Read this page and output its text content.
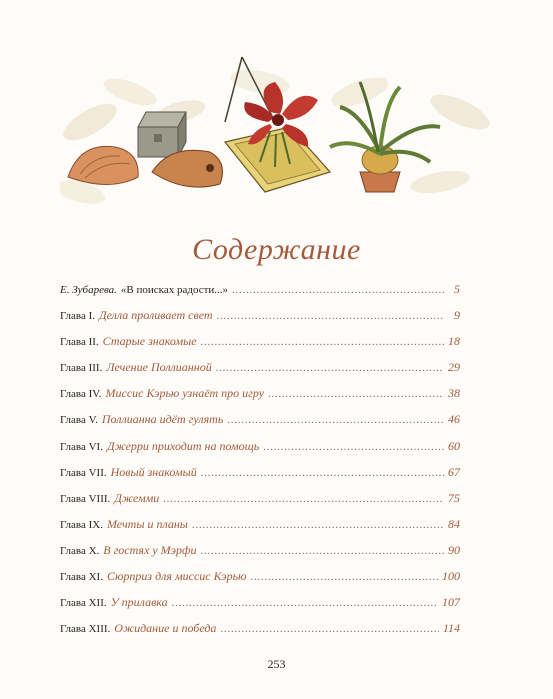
Содержание
Е. Зубарева. «В поисках радости...» .....	5
Глава I. Делла проливает свет .....	9
Глава II. Старые знакомые .....	18
Глава III. Лечение Поллианной .....	29
Глава IV. Миссис Кэрью узнаёт про игру .....	38
Глава V. Поллианна идёт гулять .....	46
Глава VI. Джерри приходит на помощь .....	60
Глава VII. Новый знакомый .....	67
Глава VIII. Джемми .....	75
Глава IX. Мечты и планы .....	84
Глава X. В гостях у Мэрфи .....	90
Глава XI. Сюрприз для миссис Кэрью .....	100
Глава XII. У прилавка .....	107
Глава XIII. Ожидание и победа .....	114
253
